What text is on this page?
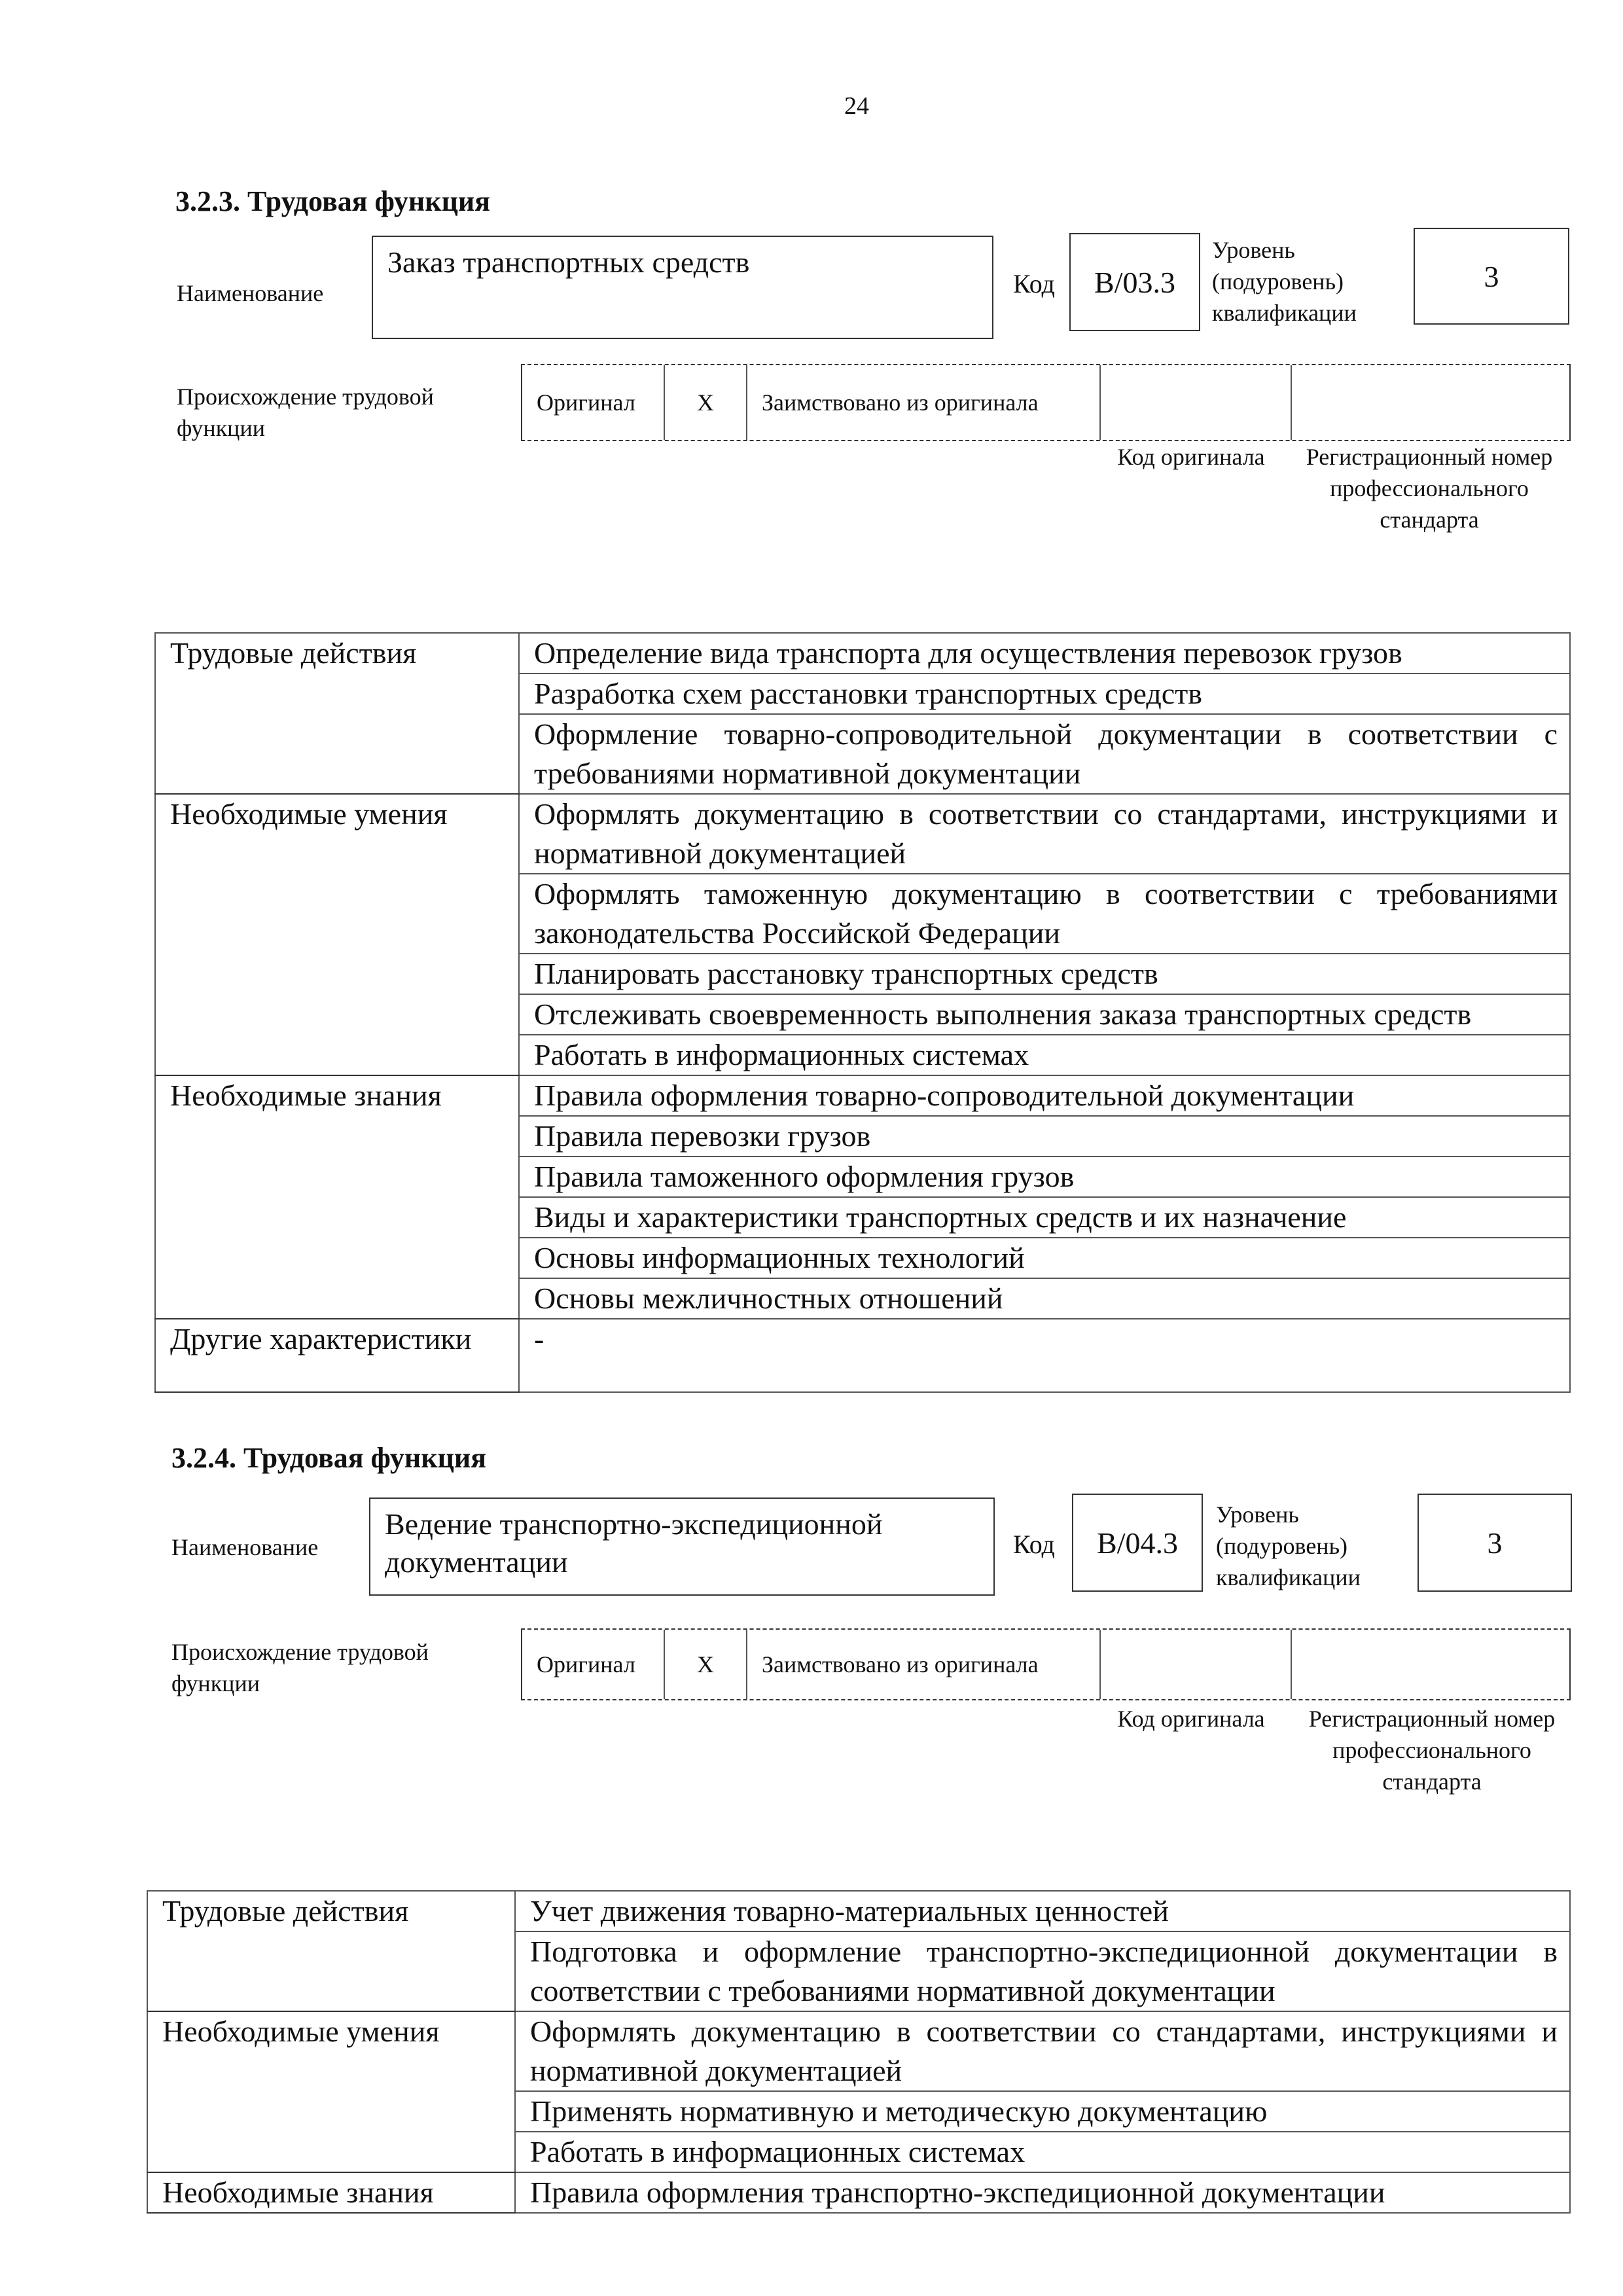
24
3.2.3. Трудовая функция
Наименование
Заказ транспортных средств
Код	B/03.3
Уровень (подуровень) квалификации
3
Происхождение трудовой функции
Оригинал	X	Заимствовано из оригинала
Код оригинала Регистрационный номер профессионального стандарта
Трудовые действия	Определение вида транспорта для осуществления перевозок грузов
	Разработка схем расстановки транспортных средств
	Оформление товарно-сопроводительной документации в соответствии с требованиями нормативной документации
Необходимые умения	Оформлять документацию в соответствии со стандартами, инструкциями и нормативной документацией
	Оформлять таможенную документацию в соответствии с требованиями законодательства Российской Федерации
	Планировать расстановку транспортных средств
	Отслеживать своевременность выполнения заказа транспортных средств
	Работать в информационных системах
Необходимые знания	Правила оформления товарно-сопроводительной документации
	Правила перевозки грузов
	Правила таможенного оформления грузов
	Виды и характеристики транспортных средств и их назначение
	Основы информационных технологий
	Основы межличностных отношений
Другие характеристики	-
3.2.4. Трудовая функция
Наименование
Ведение транспортно-экспедиционной документации
Код	B/04.3
Уровень (подуровень) квалификации
3
Происхождение трудовой функции
Оригинал	X	Заимствовано из оригинала
Код оригинала Регистрационный номер профессионального стандарта
Трудовые действия	Учет движения товарно-материальных ценностей
	Подготовка и оформление транспортно-экспедиционной документации в соответствии с требованиями нормативной документации
Необходимые умения	Оформлять документацию в соответствии со стандартами, инструкциями и нормативной документацией
	Применять нормативную и методическую документацию
	Работать в информационных системах
Необходимые знания	Правила оформления транспортно-экспедиционной документации
